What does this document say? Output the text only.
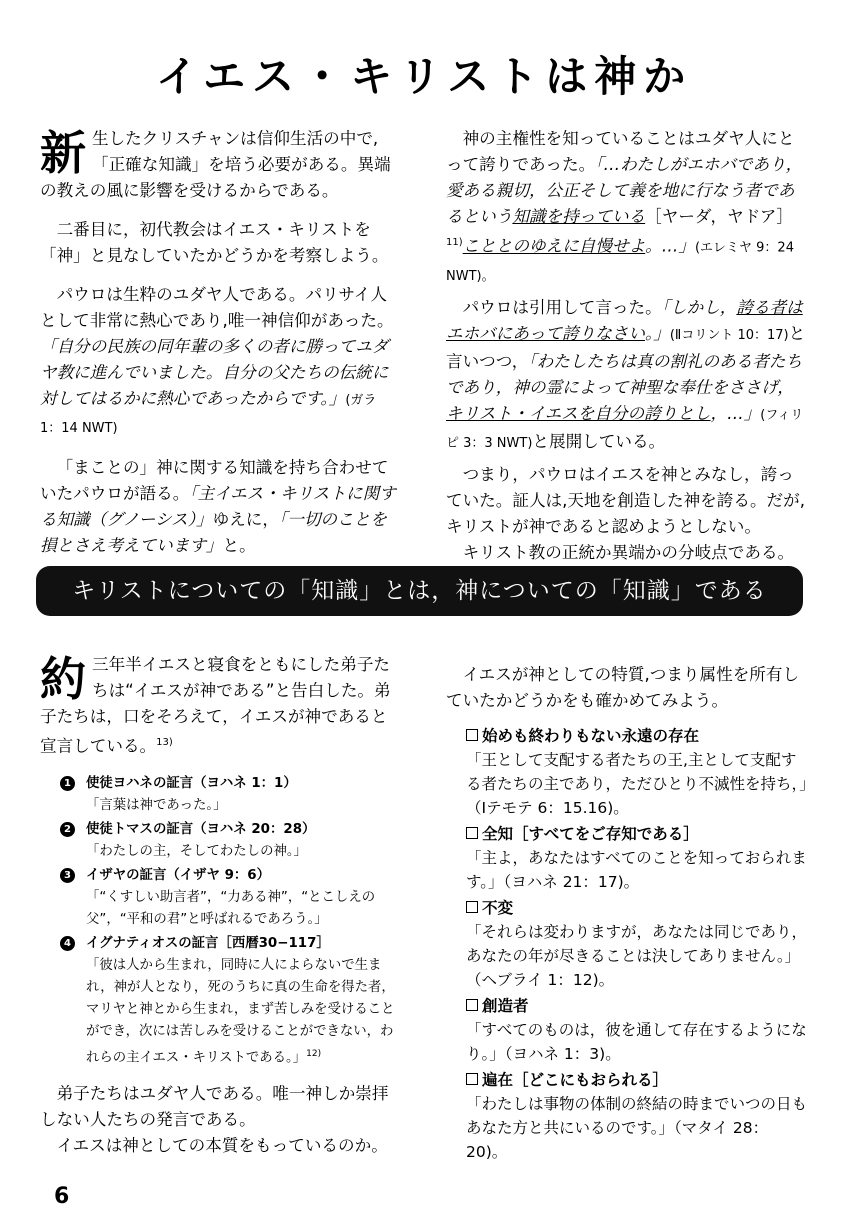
イエス・キリストは神か

新生したクリスチャンは信仰生活の中で,「正確な知識」を培う必要がある。異端の教えの風に影響を受けるからである。

二番目に，初代教会はイエス・キリストを「神」と見なしていたかどうかを考察しよう。

パウロは生粋のユダヤ人である。パリサイ人として非常に熱心であり,唯一神信仰があった。「自分の民族の同年輩の多くの者に勝ってユダヤ教に進んでいました。自分の父たちの伝統に対してはるかに熱心であったからです。」(ガラ 1：14 NWT)

「まことの」神に関する知識を持ち合わせていたパウロが語る。「主イエス・キリストに関する知識（グノーシス）」ゆえに，「一切のことを損とさえ考えています」と。

神の主権性を知っていることはユダヤ人にとって誇りであった。「…わたしがエホバであり，愛ある親切，公正そして義を地に行なう者であるという知識を持っている［ヤーダ，ヤドア］$^{11)}$こととのゆえに自慢せよ。…」(エレミヤ 9：24 NWT)。

パウロは引用して言った。「しかし，誇る者はエホバにあって誇りなさい。」(Ⅱコリント 10：17)と言いつつ，「わたしたちは真の割礼のある者たちであり，神の霊によって神聖な奉仕をささげ，キリスト・イエスを自分の誇りとし，…」(フィリピ 3：3 NWT)と展開している。

つまり，パウロはイエスを神とみなし，誇っていた。証人は,天地を創造した神を誇る。だが,キリストが神であると認めようとしない。

キリスト教の正統か異端かの分岐点である。

キリストについての「知識」とは，神についての「知識」である

約三年半イエスと寝食をともにした弟子たちは“イエスが神である”と告白した。弟子たちは，口をそろえて，イエスが神であると宣言している。$^{13)}$

1 使徒ヨハネの証言（ヨハネ 1：1）
「言葉は神であった。」
2 使徒トマスの証言（ヨハネ 20：28）
「わたしの主，そしてわたしの神。」
3 イザヤの証言（イザヤ 9：6）
「“くすしい助言者”，“力ある神”，“とこしえの父”，“平和の君”と呼ばれるであろう。」
4 イグナティオスの証言［西暦30−117］
「彼は人から生まれ，同時に人によらないで生まれ，神が人となり，死のうちに真の生命を得た者，マリヤと神とから生まれ，まず苦しみを受けることができ，次には苦しみを受けることができない，われらの主イエス・キリストである。」$^{12)}$

弟子たちはユダヤ人である。唯一神しか崇拝しない人たちの発言である。

イエスは神としての本質をもっているのか。

イエスが神としての特質,つまり属性を所有していたかどうかをも確かめてみよう。

始めも終わりもない永遠の存在
「王として支配する者たちの王,主として支配する者たちの主であり，ただひとり不滅性を持ち，」（Ⅰテモテ 6：15.16)。
全知［すべてをご存知である］
「主よ，あなたはすべてのことを知っておられます。」（ヨハネ 21：17)。
不変
「それらは変わりますが，あなたは同じであり，あなたの年が尽きることは決してありません。」（ヘブライ 1：12)。
創造者
「すべてのものは，彼を通して存在するようになり。」（ヨハネ 1：3)。
遍在［どこにもおられる］
「わたしは事物の体制の終結の時までいつの日もあなた方と共にいるのです。」（マタイ 28：20)。
6
